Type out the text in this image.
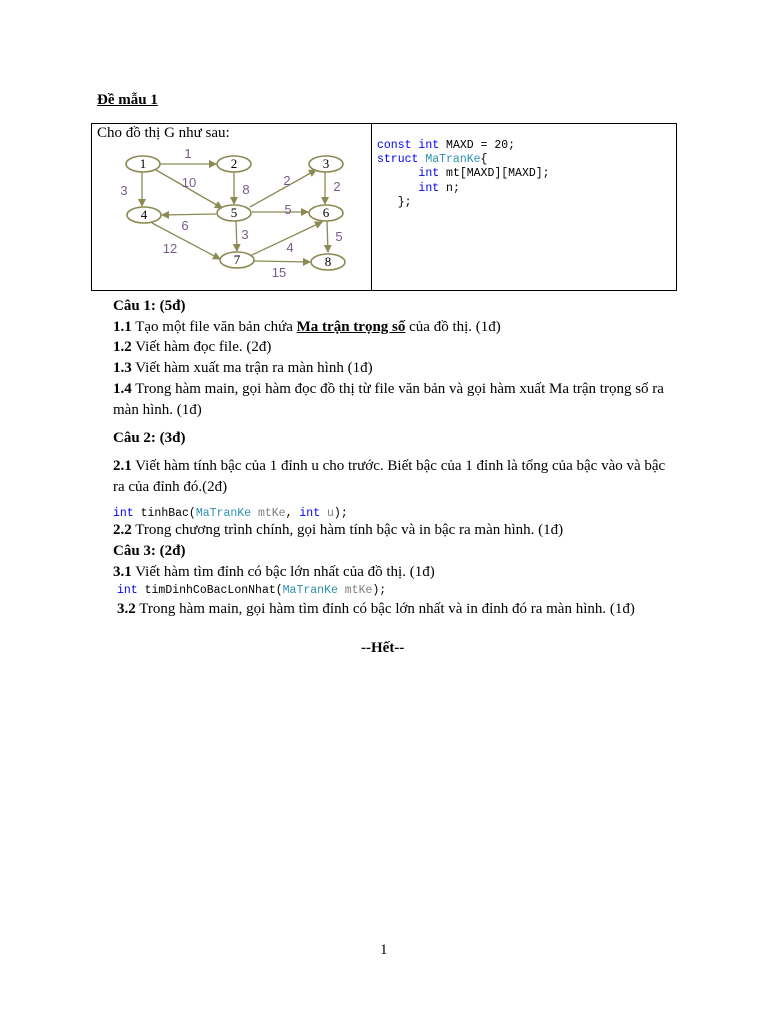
Đề mẫu 1
Cho đồ thị G như sau:
1	2	3
4	5	6
7	8
1
10
3	8
2	2
5
6
3
12	4
5
15
const int MAXD = 20;
struct MaTranKe{
int mt[MAXD][MAXD];
int n;
};
Câu 1: (5đ)
1.1 Tạo một file văn bản chứa Ma trận trọng số của đồ thị. (1đ)
1.2 Viết hàm đọc file. (2đ)
1.3 Viết hàm xuất ma trận ra màn hình (1đ)
1.4 Trong hàm main, gọi hàm đọc đồ thị từ file văn bản và gọi hàm xuất Ma trận trọng số ra
màn hình. (1đ)
Câu 2: (3đ)
2.1 Viết hàm tính bậc của 1 đỉnh u cho trước. Biết bậc của 1 đỉnh là tổng của bậc vào và bậc
ra của đỉnh đó.(2đ)
int tinhBac(MaTranKe mtKe, int u);
2.2 Trong chương trình chính, gọi hàm tính bậc và in bậc ra màn hình. (1đ)
Câu 3: (2đ)
3.1 Viết hàm tìm đỉnh có bậc lớn nhất của đồ thị. (1đ)
int timDinhCoBacLonNhat(MaTranKe mtKe);
3.2 Trong hàm main, gọi hàm tìm đỉnh có bậc lớn nhất và in đỉnh đó ra màn hình. (1đ)
--Hết--
1
